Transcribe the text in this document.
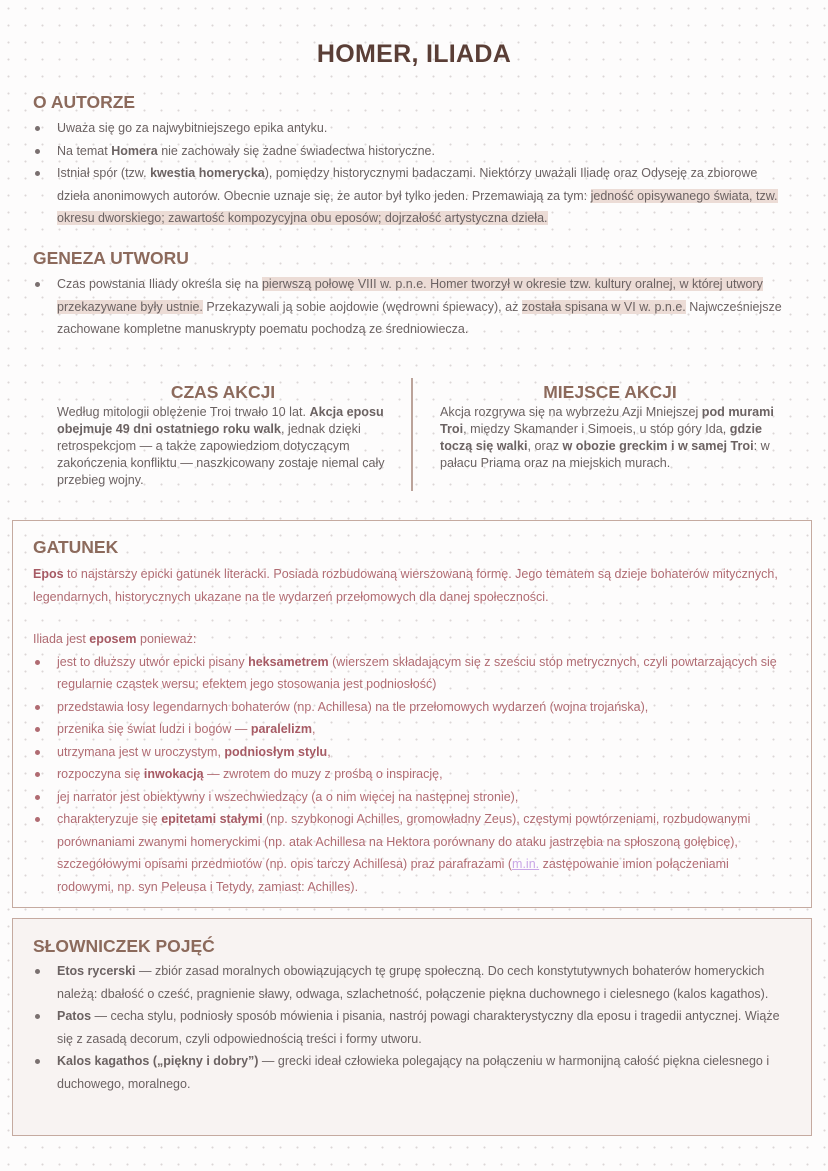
HOMER, ILIADA
O AUTORZE
Uważa się go za najwybitniejszego epika antyku.
Na temat Homera nie zachowały się żadne świadectwa historyczne.
Istniał spór (tzw. kwestia homerycka), pomiędzy historycznymi badaczami. Niektórzy uważali Iliadę oraz Odyseję za zbiorowe dzieła anonimowych autorów. Obecnie uznaje się, że autor był tylko jeden. Przemawiają za tym: jedność opisywanego świata, tzw. okresu dworskiego; zawartość kompozycyjna obu eposów; dojrzałość artystyczna dzieła.
GENEZA UTWORU
Czas powstania Iliady określa się na pierwszą połowę VIII w. p.n.e. Homer tworzył w okresie tzw. kultury oralnej, w której utwory przekazywane były ustnie. Przekazywali ją sobie aojdowie (wędrowni śpiewacy), aż została spisana w VI w. p.n.e. Najwcześniejsze zachowane kompletne manuskrypty poematu pochodzą ze średniowiecza.
CZAS AKCJI
Według mitologii oblężenie Troi trwało 10 lat. Akcja eposu obejmuje 49 dni ostatniego roku walk, jednak dzięki retrospekcjom — a także zapowiedziom dotyczącym zakończenia konfliktu — naszkicowany zostaje niemal cały przebieg wojny.
MIEJSCE AKCJI
Akcja rozgrywa się na wybrzeżu Azji Mniejszej pod murami Troi, między Skamander i Simoeis, u stóp góry Ida, gdzie toczą się walki, oraz w obozie greckim i w samej Troi: w pałacu Priama oraz na miejskich murach.
GATUNEK
Epos to najstarszy epicki gatunek literacki. Posiada rozbudowaną wierszowaną formę. Jego tematem są dzieje bohaterów mitycznych, legendarnych, historycznych ukazane na tle wydarzeń przełomowych dla danej społeczności.
Iliada jest eposem ponieważ:
jest to dłuższy utwór epicki pisany heksametrem (wierszem składającym się z sześciu stóp metrycznych, czyli powtarzających się regularnie cząstek wersu; efektem jego stosowania jest podniosłość)
przedstawia losy legendarnych bohaterów (np. Achillesa) na tle przełomowych wydarzeń (wojna trojańska),
przenika się świat ludzi i bogów — paralelizm,
utrzymana jest w uroczystym, podniosłym stylu,
rozpoczyna się inwokacją — zwrotem do muzy z prośbą o inspirację,
jej narrator jest obiektywny i wszechwiedzący (a o nim więcej na następnej stronie),
charakteryzuje się epitetami stałymi (np. szybkonogi Achilles, gromowładny Zeus), częstymi powtórzeniami, rozbudowanymi porównaniami zwanymi homeryckimi (np. atak Achillesa na Hektora porównany do ataku jastrzębia na spłoszoną gołębicę), szczegółowymi opisami przedmiotów (np. opis tarczy Achillesa) praz parafrazami (m.in. zastępowanie imion połączeniami rodowymi, np. syn Peleusa i Tetydy, zamiast: Achilles).
SŁOWNICZEK POJĘĆ
Etos rycerski — zbiór zasad moralnych obowiązujących tę grupę społeczną. Do cech konstytutywnych bohaterów homeryckich należą: dbałość o cześć, pragnienie sławy, odwaga, szlachetność, połączenie piękna duchownego i cielesnego (kalos kagathos).
Patos — cecha stylu, podniosły sposób mówienia i pisania, nastrój powagi charakterystyczny dla eposu i tragedii antycznej. Wiąże się z zasadą decorum, czyli odpowiednością treści i formy utworu.
Kalos kagathos („piękny i dobry”) — grecki ideał człowieka polegający na połączeniu w harmonijną całość piękna cielesnego i duchowego, moralnego.
